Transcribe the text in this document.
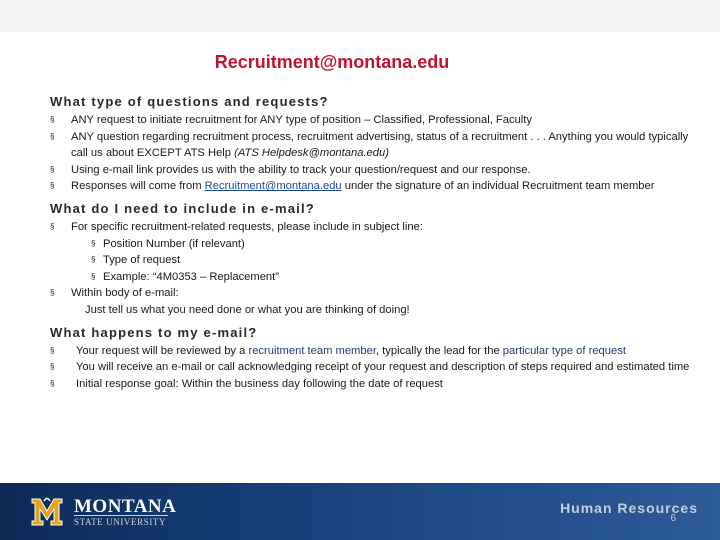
Recruitment@montana.edu
What type of questions and requests?
§ ANY request to initiate recruitment for ANY type of position – Classified, Professional, Faculty
§ ANY question regarding recruitment process, recruitment advertising, status of a recruitment . . . Anything you would typically call us about EXCEPT ATS Help (ATS Helpdesk@montana.edu)
§ Using e-mail link provides us with the ability to track your question/request and our response.
§ Responses will come from Recruitment@montana.edu under the signature of an individual Recruitment team member
What do I need to include in e-mail?
§ For specific recruitment-related requests, please include in subject line:
§ Position Number (if relevant)
§ Type of request
§ Example: “4M0353 – Replacement”
§ Within body of e-mail:
Just tell us what you need done or what you are thinking of doing!
What happens to my e-mail?
§ Your request will be reviewed by a recruitment team member, typically the lead for the particular type of request
§ You will receive an e-mail or call acknowledging receipt of your request and description of steps required and estimated time
§ Initial response goal: Within the business day following the date of request
MONTANA
STATE UNIVERSITY
Human Resources
6
